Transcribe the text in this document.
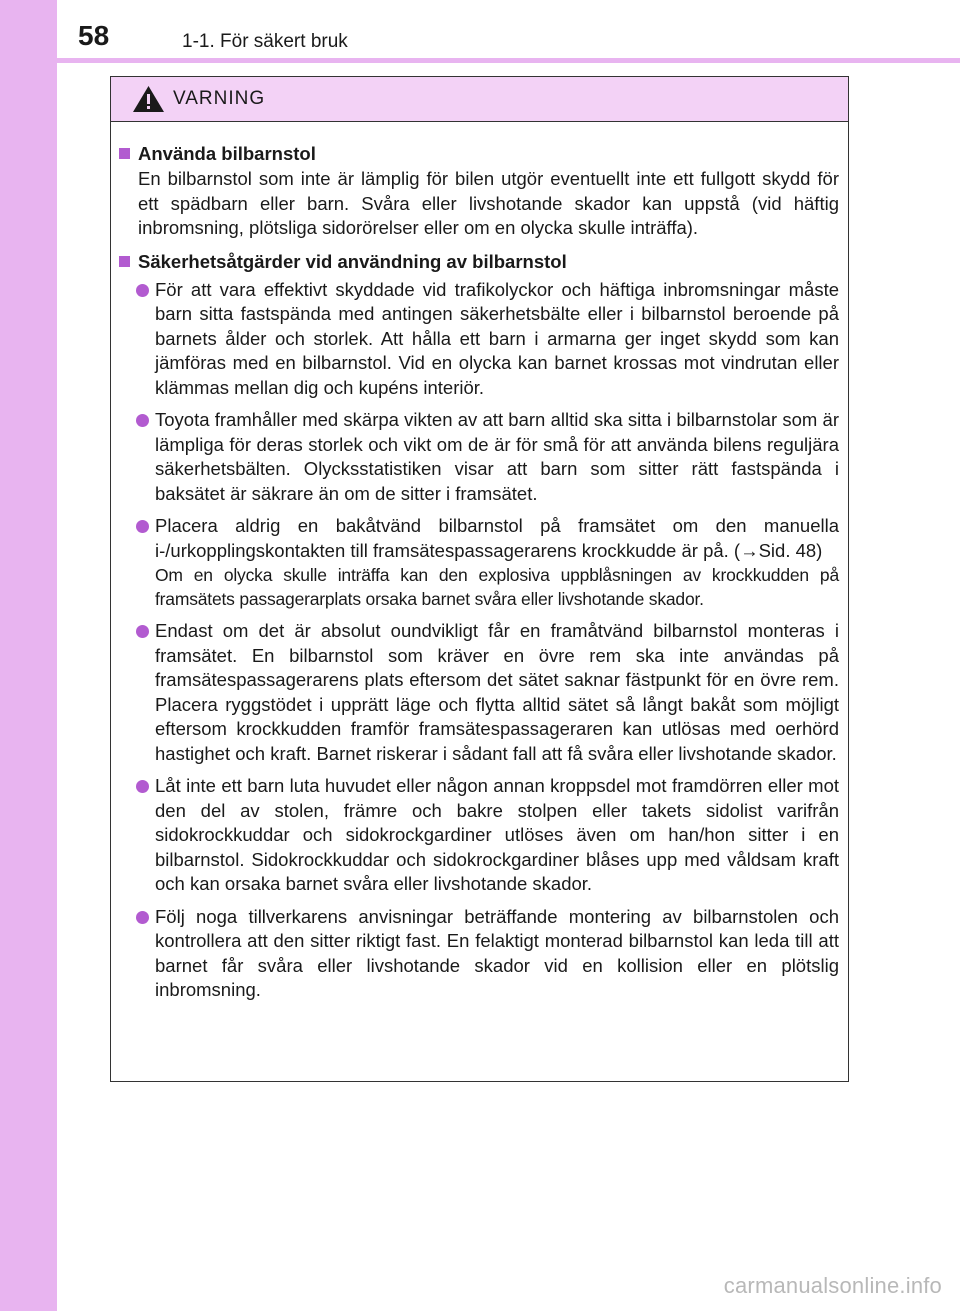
58	1-1. För säkert bruk
VARNING
Använda bilbarnstol
En bilbarnstol som inte är lämplig för bilen utgör eventuellt inte ett fullgott skydd för ett spädbarn eller barn. Svåra eller livshotande skador kan uppstå (vid häftig inbromsning, plötsliga sidorörelser eller om en olycka skulle inträffa).
Säkerhetsåtgärder vid användning av bilbarnstol
För att vara effektivt skyddade vid trafikolyckor och häftiga inbromsningar måste barn sitta fastspända med antingen säkerhetsbälte eller i bilbarnstol beroende på barnets ålder och storlek. Att hålla ett barn i armarna ger inget skydd som kan jämföras med en bilbarnstol. Vid en olycka kan barnet krossas mot vindrutan eller klämmas mellan dig och kupéns interiör.
Toyota framhåller med skärpa vikten av att barn alltid ska sitta i bilbarnstolar som är lämpliga för deras storlek och vikt om de är för små för att använda bilens reguljära säkerhetsbälten. Olycksstatistiken visar att barn som sitter rätt fastspända i baksätet är säkrare än om de sitter i framsätet.
Placera aldrig en bakåtvänd bilbarnstol på framsätet om den manuella i-/urkopplingskontakten till framsätespassagerarens krockkudde är på. (→Sid. 48)
Om en olycka skulle inträffa kan den explosiva uppblåsningen av krockkudden på framsätets passagerarplats orsaka barnet svåra eller livshotande skador.
Endast om det är absolut oundvikligt får en framåtvänd bilbarnstol monteras i framsätet. En bilbarnstol som kräver en övre rem ska inte användas på framsätespassagerarens plats eftersom det sätet saknar fästpunkt för en övre rem. Placera ryggstödet i upprätt läge och flytta alltid sätet så långt bakåt som möjligt eftersom krockkudden framför framsätespassageraren kan utlösas med oerhörd hastighet och kraft. Barnet riskerar i sådant fall att få svåra eller livshotande skador.
Låt inte ett barn luta huvudet eller någon annan kroppsdel mot framdörren eller mot den del av stolen, främre och bakre stolpen eller takets sidolist varifrån sidokrockkuddar och sidokrockgardiner utlöses även om han/hon sitter i en bilbarnstol. Sidokrockkuddar och sidokrockgardiner blåses upp med våldsam kraft och kan orsaka barnet svåra eller livshotande skador.
Följ noga tillverkarens anvisningar beträffande montering av bilbarnstolen och kontrollera att den sitter riktigt fast. En felaktigt monterad bilbarnstol kan leda till att barnet får svåra eller livshotande skador vid en kollision eller en plötslig inbromsning.
carmanualsonline.info
